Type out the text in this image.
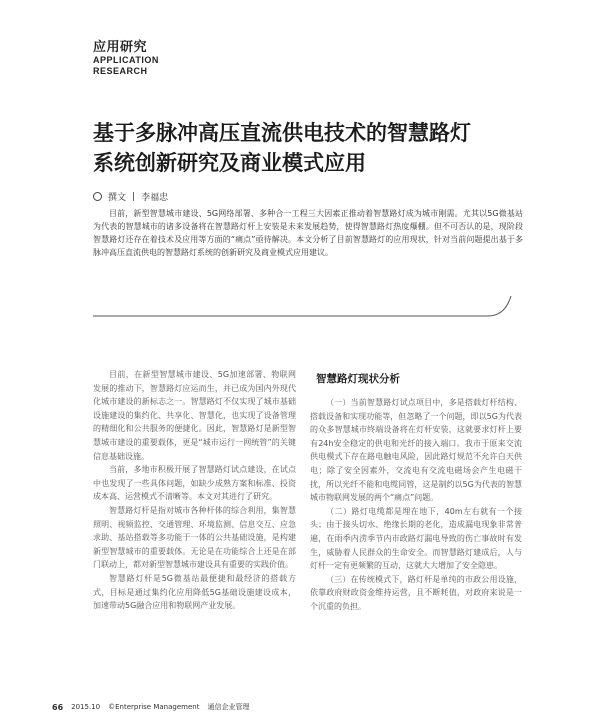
应用研究
APPLICATION
RESEARCH
基于多脉冲高压直流供电技术的智慧路灯
系统创新研究及商业模式应用
撰文 | 李福忠
目前，新型智慧城市建设、5G网络部署、多种合一工程三大因素正推动着智慧路灯成为城市刚需。尤其以5G微基站为代表的智慧城市的诸多设备将在智慧路灯杆上安装是未来发展趋势，使得智慧路灯热度爆棚。但不可否认的是，现阶段智慧路灯还存在着技术及应用等方面的“痛点”亟待解决。本文分析了目前智慧路灯的应用现状，针对当前问题提出基于多脉冲高压直流供电的智慧路灯系统的创新研究及商业模式应用建议。

目前，在新型智慧城市建设、5G加速部署、物联网发展的推动下，智慧路灯应运而生，并已成为国内外现代化城市建设的新标志之一。智慧路灯不仅实现了城市基础设施建设的集约化、共享化、智慧化，也实现了设备管理的精细化和公共服务的便捷化。因此，智慧路灯是新型智慧城市建设的重要载体，更是“城市运行一网统管”的关键信息基础设施。

当前，多地市积极开展了智慧路灯试点建设，在试点中也发现了一些具体问题，如缺少成熟方案和标准、投资成本高、运营模式不清晰等。本文对其进行了研究。

智慧路灯杆是指对城市各种杆体的综合利用，集智慧照明、视频监控、交通管理、环境监测、信息交互、应急求助、基站搭载等多功能于一体的公共基础设施，是构建新型智慧城市的重要载体。无论是在功能综合上还是在部门联动上，都对新型智慧城市建设具有重要的实践价值。

智慧路灯杆是5G微基站最便捷和最经济的搭载方式，目标是通过集约化应用降低5G基础设施建设成本，加速带动5G融合应用和物联网产业发展。

智慧路灯现状分析

（一）当前智慧路灯试点项目中，多是搭载灯杆结构、搭载设备和实现功能等，但忽略了一个问题，即以5G为代表的众多智慧城市终端设备将在灯杆安装，这就要求灯杆上要有24h安全稳定的供电和光纤的接入端口。我市于原来交流供电模式下存在路电触电风险，因此路灯规范不允许白天供电；除了安全因素外，交流电有交流电磁场会产生电磁干扰，所以光纤不能和电缆同管，这是制约以5G为代表的智慧城市物联网发展的两个“痛点”问题。

（二）路灯电缆都是埋在地下，40m左右就有一个接头；由于接头切水、绝缘长期的老化，造成漏电现象非常普遍，在雨季内涝季节内市政路灯漏电导致的伤亡事故时有发生，威胁着人民群众的生命安全。而智慧路灯建成后，人与灯杆一定有更频繁的互动，这就大大增加了安全隐患。

（三）在传统模式下，路灯杆是单纯的市政公用设施，依靠政府财政资金维持运营，且不断耗值，对政府来说是一个沉重的负担。

66 2015.10 ©Enterprise Management 通信企业管理
